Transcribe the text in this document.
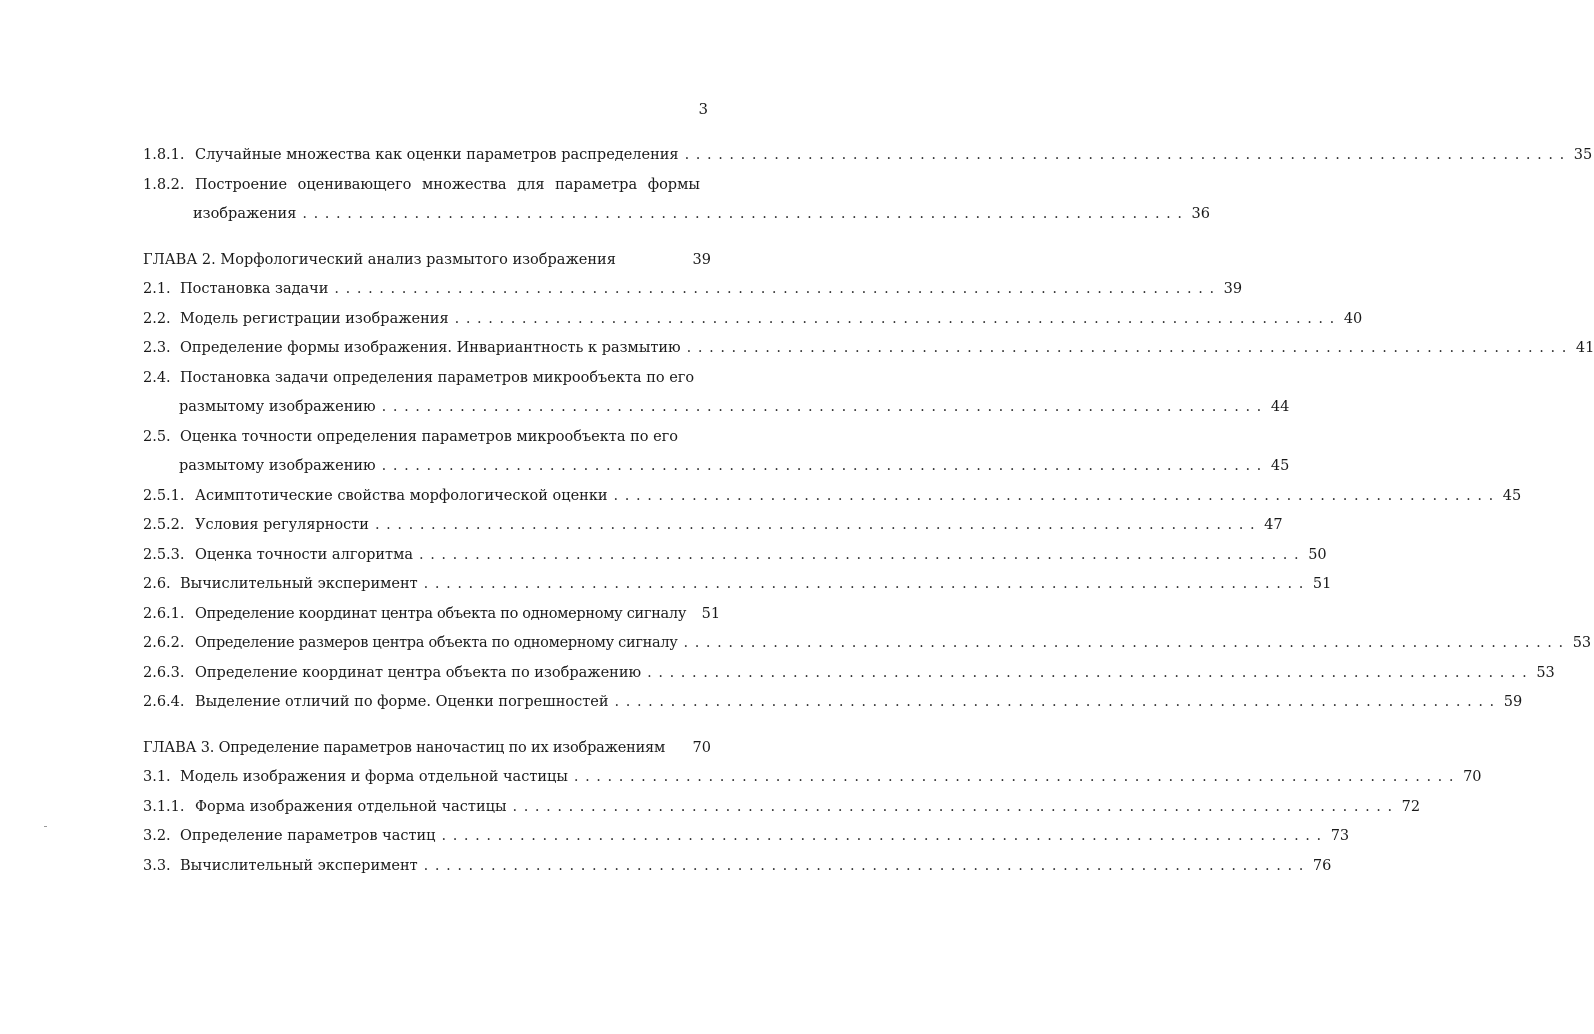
3
1.8.1. Случайные множества как оценки параметров распределения . . .	35
1.8.2. Построение оценивающего множества для параметра формы
изображения . . .	36
ГЛАВА 2. Морфологический анализ размытого изображения	39
2.1. Постановка задачи . . .	39
2.2. Модель регистрации изображения . . .	40
2.3. Определение формы изображения. Инвариантность к размытию . . .	41
2.4. Постановка задачи определения параметров микрообъекта по его
размытому изображению . . .	44
2.5. Оценка точности определения параметров микрообъекта по его
размытому изображению . . .	45
2.5.1. Асимптотические свойства морфологической оценки . . .	45
2.5.2. Условия регулярности . . .	47
2.5.3. Оценка точности алгоритма . . .	50
2.6. Вычислительный эксперимент . . .	51
2.6.1. Определение координат центра объекта по одномерному сигналу 51
2.6.2. Определение размеров центра объекта по одномерному сигналу . . .	53
2.6.3. Определение координат центра объекта по изображению . . .	53
2.6.4. Выделение отличий по форме. Оценки погрешностей . . .	59
ГЛАВА 3. Определение параметров наночастиц по их изображениям 70
3.1. Модель изображения и форма отдельной частицы . . .	70
3.1.1. Форма изображения отдельной частицы . . .	72
3.2. Определение параметров частиц . . .	73
3.3. Вычислительный эксперимент . . .	76
